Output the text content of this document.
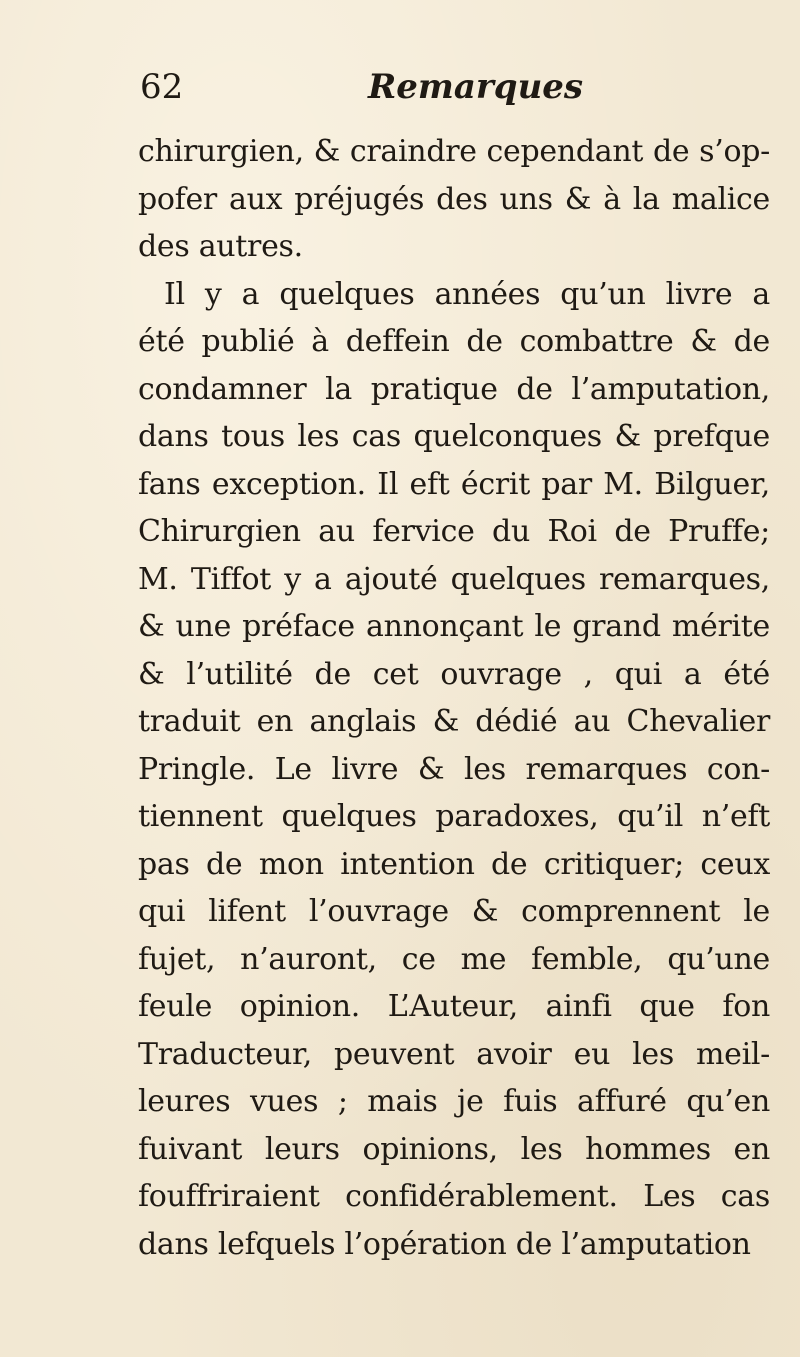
62	Remarques
chirurgien, & craindre cependant de s’op-
pofer aux préjugés des uns & à la malice
des autres.
Il y a quelques années qu’un livre a
été publié à deffein de combattre & de
condamner la pratique de l’amputation,
dans tous les cas quelconques & prefque
fans exception. Il eft écrit par M. Bilguer,
Chirurgien au fervice du Roi de Pruffe;
M. Tiffot y a ajouté quelques remarques,
& une préface annonçant le grand mérite
& l’utilité de cet ouvrage , qui a été
traduit en anglais & dédié au Chevalier
Pringle. Le livre & les remarques con-
tiennent quelques paradoxes, qu’il n’eft
pas de mon intention de critiquer; ceux
qui lifent l’ouvrage & comprennent le
fujet, n’auront, ce me femble, qu’une
feule opinion. L’Auteur, ainfi que fon
Traducteur, peuvent avoir eu les meil-
leures vues ; mais je fuis affuré qu’en
fuivant leurs opinions, les hommes en
fouffriraient confidérablement. Les cas
dans lefquels l’opération de l’amputation
